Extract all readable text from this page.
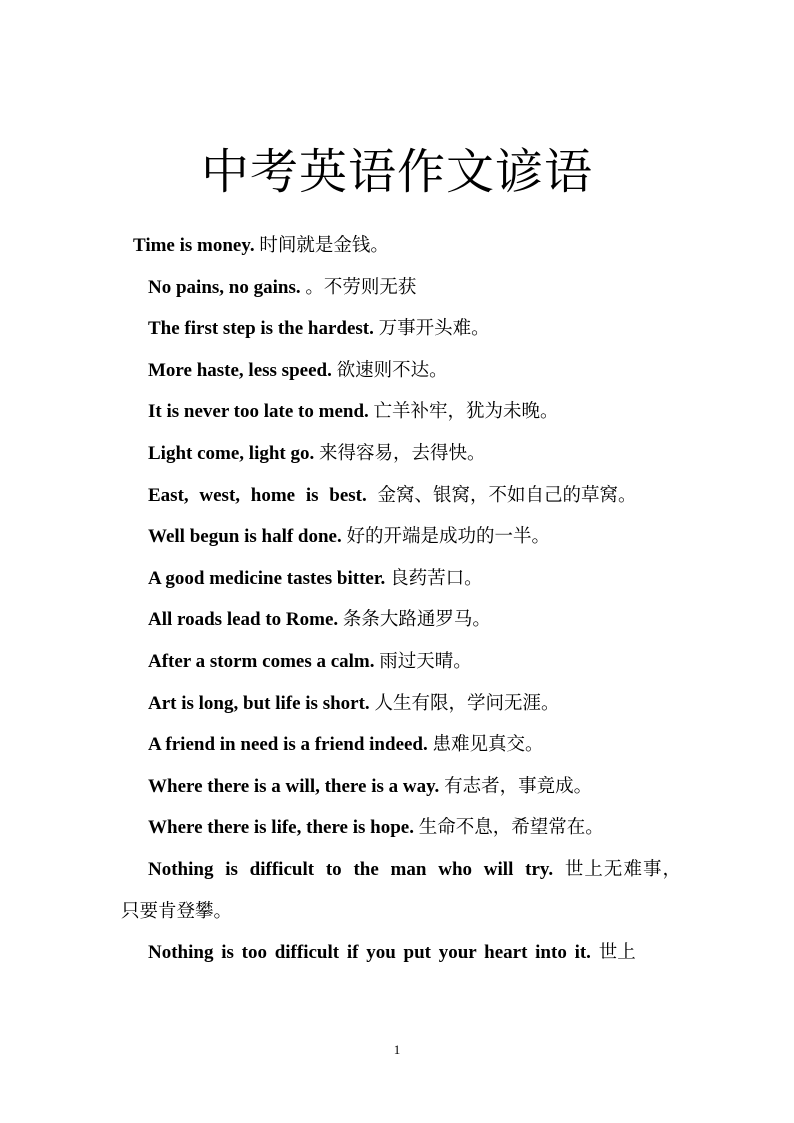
中考英语作文谚语
Time is money. 时间就是金钱。
No pains, no gains. 。不劳则无获
The first step is the hardest. 万事开头难。
More haste, less speed. 欲速则不达。
It is never too late to mend. 亡羊补牢，犹为未晚。
Light come, light go. 来得容易，去得快。
East, west, home is best. 金窝、银窝，不如自己的草窝。
Well begun is half done. 好的开端是成功的一半。
A good medicine tastes bitter. 良药苦口。
All roads lead to Rome. 条条大路通罗马。
After a storm comes a calm. 雨过天晴。
Art is long, but life is short. 人生有限，学问无涯。
A friend in need is a friend indeed. 患难见真交。
Where there is a will, there is a way. 有志者，事竟成。
Where there is life, there is hope. 生命不息，希望常在。
Nothing is difficult to the man who will try. 世上无难事，只要肯登攀。
Nothing is too difficult if you put your heart into it. 世上
1
